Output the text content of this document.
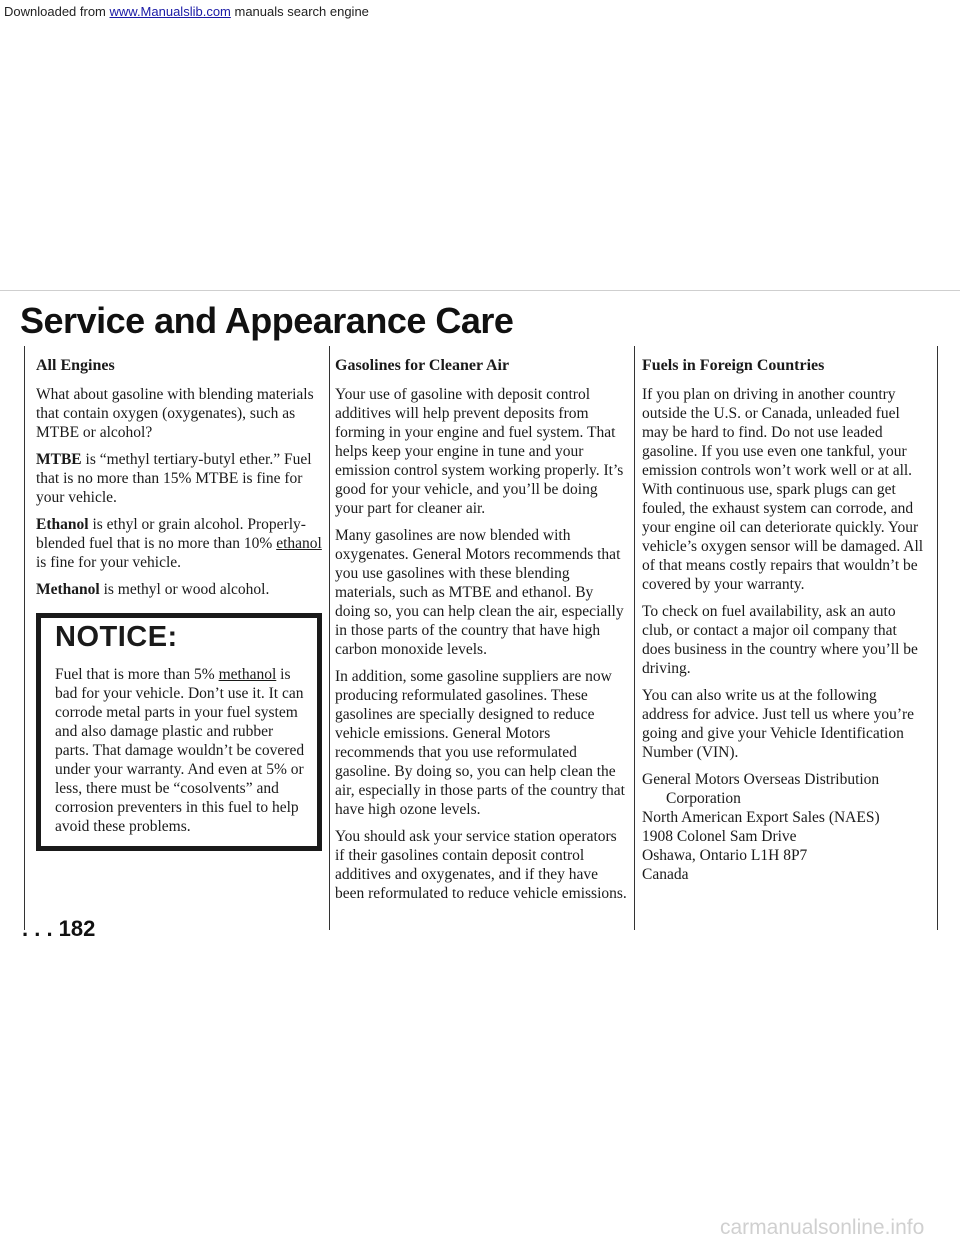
Downloaded from www.Manualslib.com manuals search engine
Service and Appearance Care
All Engines

What about gasoline with blending materials that contain oxygen (oxygenates), such as MTBE or alcohol?

MTBE is “methyl tertiary-butyl ether.” Fuel that is no more than 15% MTBE is fine for your vehicle.

Ethanol is ethyl or grain alcohol. Properly-blended fuel that is no more than 10% ethanol is fine for your vehicle.

Methanol is methyl or wood alcohol.

NOTICE:

Fuel that is more than 5% methanol is bad for your vehicle. Don’t use it. It can corrode metal parts in your fuel system and also damage plastic and rubber parts. That damage wouldn’t be covered under your warranty. And even at 5% or less, there must be “cosolvents” and corrosion preventers in this fuel to help avoid these problems.

Gasolines for Cleaner Air

Your use of gasoline with deposit control additives will help prevent deposits from forming in your engine and fuel system. That helps keep your engine in tune and your emission control system working properly. It’s good for your vehicle, and you’ll be doing your part for cleaner air.

Many gasolines are now blended with oxygenates. General Motors recommends that you use gasolines with these blending materials, such as MTBE and ethanol. By doing so, you can help clean the air, especially in those parts of the country that have high carbon monoxide levels.

In addition, some gasoline suppliers are now producing reformulated gasolines. These gasolines are specially designed to reduce vehicle emissions. General Motors recommends that you use reformulated gasoline. By doing so, you can help clean the air, especially in those parts of the country that have high ozone levels.

You should ask your service station operators if their gasolines contain deposit control additives and oxygenates, and if they have been reformulated to reduce vehicle emissions.

Fuels in Foreign Countries

If you plan on driving in another country outside the U.S. or Canada, unleaded fuel may be hard to find. Do not use leaded gasoline. If you use even one tankful, your emission controls won’t work well or at all. With continuous use, spark plugs can get fouled, the exhaust system can corrode, and your engine oil can deteriorate quickly. Your vehicle’s oxygen sensor will be damaged. All of that means costly repairs that wouldn’t be covered by your warranty.

To check on fuel availability, ask an auto club, or contact a major oil company that does business in the country where you’ll be driving.

You can also write us at the following address for advice. Just tell us where you’re going and give your Vehicle Identification Number (VIN).

General Motors Overseas Distribution
Corporation
North American Export Sales (NAES)
1908 Colonel Sam Drive
Oshawa, Ontario L1H 8P7
Canada
. . . 182
carmanualsonline.info
